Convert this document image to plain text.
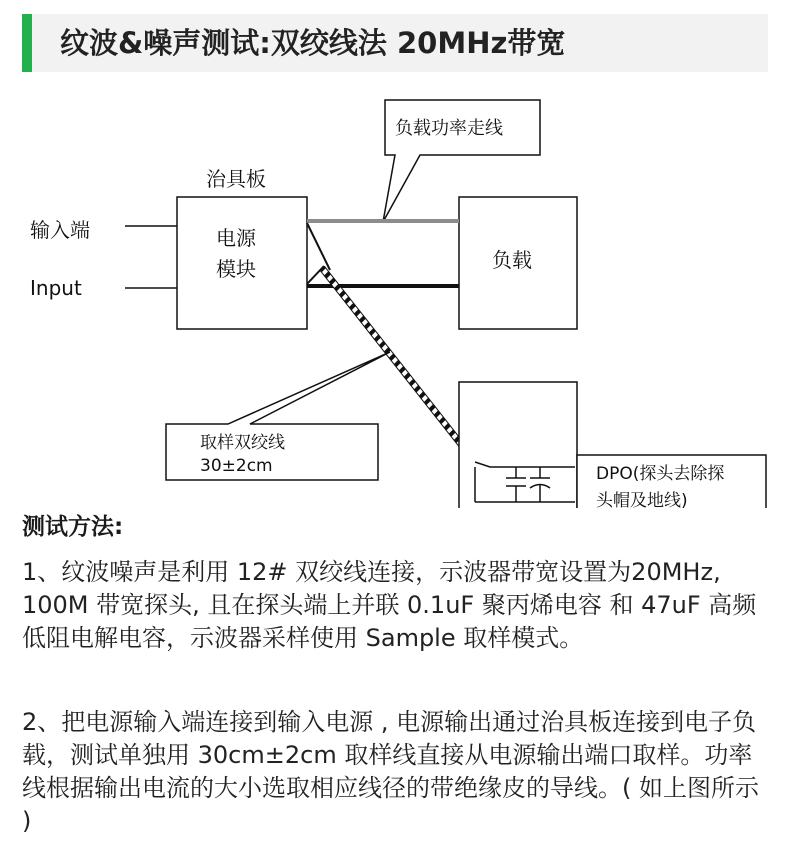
纹波&噪声测试:双绞线法 20MHz带宽
负载功率走线
治具板
输入端
Input
电源
模块	负载
DPO(探头去除探
头帽及地线)
取样双绞线
30±2cm
测试方法:

1、纹波噪声是利用 12# 双绞线连接，示波器带宽设置为20MHz, 100M 带宽探头, 且在探头端上并联 0.1uF 聚丙烯电容 和 47uF 高频低阻电解电容，示波器采样使用 Sample 取样模式。

2、把电源输入端连接到输入电源 , 电源输出通过治具板连接到电子负载，测试单独用 30cm±2cm 取样线直接从电源输出端口取样。功率线根据输出电流的大小选取相应线径的带绝缘皮的导线。( 如上图所示 )
